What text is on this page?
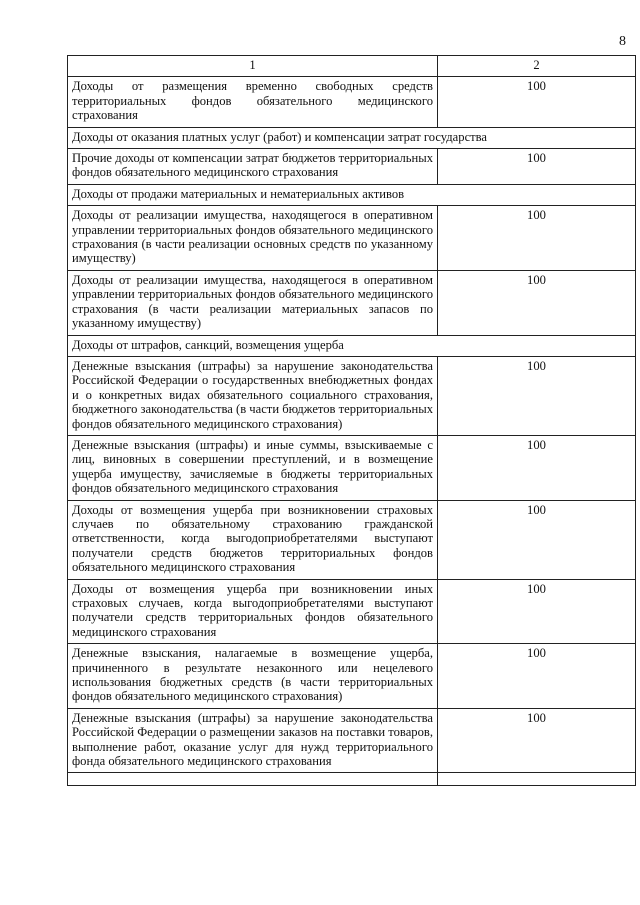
8
1	2
Доходы от размещения временно свободных средств территориальных фондов обязательного медицинского страхования	100
Доходы от оказания платных услуг (работ) и компенсации затрат государства	
Прочие доходы от компенсации затрат бюджетов территориальных фондов обязательного медицинского страхования	100
Доходы от продажи материальных и нематериальных активов	
Доходы от реализации имущества, находящегося в оперативном управлении территориальных фондов обязательного медицинского страхования (в части реализации основных средств по указанному имуществу)	100
Доходы от реализации имущества, находящегося в оперативном управлении территориальных фондов обязательного медицинского страхования (в части реализации материальных запасов по указанному имуществу)	100
Доходы от штрафов, санкций, возмещения ущерба	
Денежные взыскания (штрафы) за нарушение законодательства Российской Федерации о государственных внебюджетных фондах и о конкретных видах обязательного социального страхования, бюджетного законодательства (в части бюджетов территориальных фондов обязательного медицинского страхования)	100
Денежные взыскания (штрафы) и иные суммы, взыскиваемые с лиц, виновных в совершении преступлений, и в возмещение ущерба имуществу, зачисляемые в бюджеты территориальных фондов обязательного медицинского страхования	100
Доходы от возмещения ущерба при возникновении страховых случаев по обязательному страхованию гражданской ответственности, когда выгодоприобретателями выступают получатели средств бюджетов территориальных фондов обязательного медицинского страхования	100
Доходы от возмещения ущерба при возникновении иных страховых случаев, когда выгодоприобретателями выступают получатели средств территориальных фондов обязательного медицинского страхования	100
Денежные взыскания, налагаемые в возмещение ущерба, причиненного в результате незаконного или нецелевого использования бюджетных средств (в части территориальных фондов обязательного медицинского страхования)	100
Денежные взыскания (штрафы) за нарушение законодательства Российской Федерации о размещении заказов на поставки товаров, выполнение работ, оказание услуг для нужд территориального фонда обязательного медицинского страхования	100
